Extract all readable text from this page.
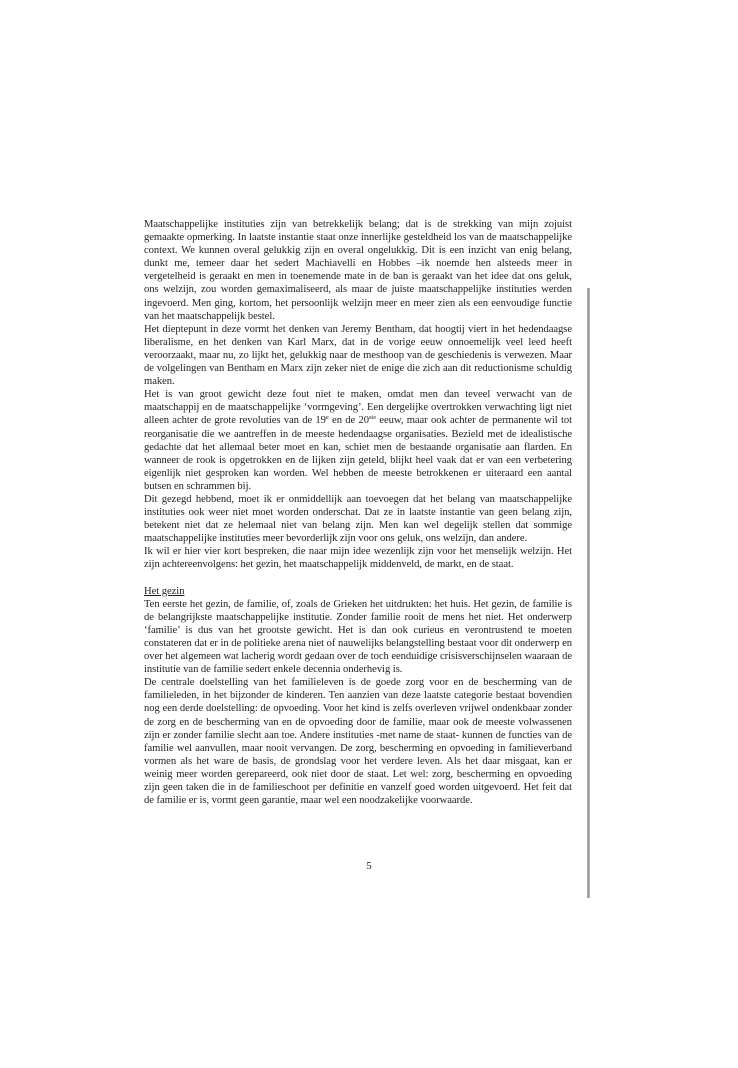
Maatschappelijke instituties zijn van betrekkelijk belang; dat is de strekking van mijn zojuist gemaakte opmerking. In laatste instantie staat onze innerlijke gesteldheid los van de maatschappelijke context. We kunnen overal gelukkig zijn en overal ongelukkig. Dit is een inzicht van enig belang, dunkt me, temeer daar het sedert Machiavelli en Hobbes –ik noemde hen alsteeds meer in vergetelheid is geraakt en men in toenemende mate in de ban is geraakt van het idee dat ons geluk, ons welzijn, zou worden gemaximaliseerd, als maar de juiste maatschappelijke instituties werden ingevoerd. Men ging, kortom, het persoonlijk welzijn meer en meer zien als een eenvoudige functie van het maatschappelijk bestel.

Het dieptepunt in deze vormt het denken van Jeremy Bentham, dat hoogtij viert in het hedendaagse liberalisme, en het denken van Karl Marx, dat in de vorige eeuw onnoemelijk veel leed heeft veroorzaakt, maar nu, zo lijkt het, gelukkig naar de mesthoop van de geschiedenis is verwezen. Maar de volgelingen van Bentham en Marx zijn zeker niet de enige die zich aan dit reductionisme schuldig maken.

Het is van groot gewicht deze fout niet te maken, omdat men dan teveel verwacht van de maatschappij en de maatschappelijke ‘vormgeving’. Een dergelijke overtrokken verwachting ligt niet alleen achter de grote revoluties van de 19e en de 20ste eeuw, maar ook achter de permanente wil tot reorganisatie die we aantreffen in de meeste hedendaagse organisaties. Bezield met de idealistische gedachte dat het allemaal beter moet en kan, schiet men de bestaande organisatie aan flarden. En wanneer de rook is opgetrokken en de lijken zijn geteld, blijkt heel vaak dat er van een verbetering eigenlijk niet gesproken kan worden. Wel hebben de meeste betrokkenen er uiteraard een aantal butsen en schrammen bij.

Dit gezegd hebbend, moet ik er onmiddellijk aan toevoegen dat het belang van maatschappelijke instituties ook weer niet moet worden onderschat. Dat ze in laatste instantie van geen belang zijn, betekent niet dat ze helemaal niet van belang zijn. Men kan wel degelijk stellen dat sommige maatschappelijke instituties meer bevorderlijk zijn voor ons geluk, ons welzijn, dan andere.

Ik wil er hier vier kort bespreken, die naar mijn idee wezenlijk zijn voor het menselijk welzijn. Het zijn achtereenvolgens: het gezin, het maatschappelijk middenveld, de markt, en de staat.

Het gezin

Ten eerste het gezin, de familie, of, zoals de Grieken het uitdrukten: het huis. Het gezin, de familie is de belangrijkste maatschappelijke institutie. Zonder familie rooit de mens het niet. Het onderwerp ‘familie’ is dus van het grootste gewicht. Het is dan ook curieus en verontrustend te moeten constateren dat er in de politieke arena niet of nauwelijks belangstelling bestaat voor dit onderwerp en over het algemeen wat lacherig wordt gedaan over de toch eenduidige crisisverschijnselen waaraan de institutie van de familie sedert enkele decennia onderhevig is.

De centrale doelstelling van het familieleven is de goede zorg voor en de bescherming van de familieleden, in het bijzonder de kinderen. Ten aanzien van deze laatste categorie bestaat bovendien nog een derde doelstelling: de opvoeding. Voor het kind is zelfs overleven vrijwel ondenkbaar zonder de zorg en de bescherming van en de opvoeding door de familie, maar ook de meeste volwassenen zijn er zonder familie slecht aan toe. Andere instituties -met name de staat- kunnen de functies van de familie wel aanvullen, maar nooit vervangen. De zorg, bescherming en opvoeding in familieverband vormen als het ware de basis, de grondslag voor het verdere leven. Als het daar misgaat, kan er weinig meer worden gerepareerd, ook niet door de staat. Let wel: zorg, bescherming en opvoeding zijn geen taken die in de familieschoot per definitie en vanzelf goed worden uitgevoerd. Het feit dat de familie er is, vormt geen garantie, maar wel een noodzakelijke voorwaarde.

5
